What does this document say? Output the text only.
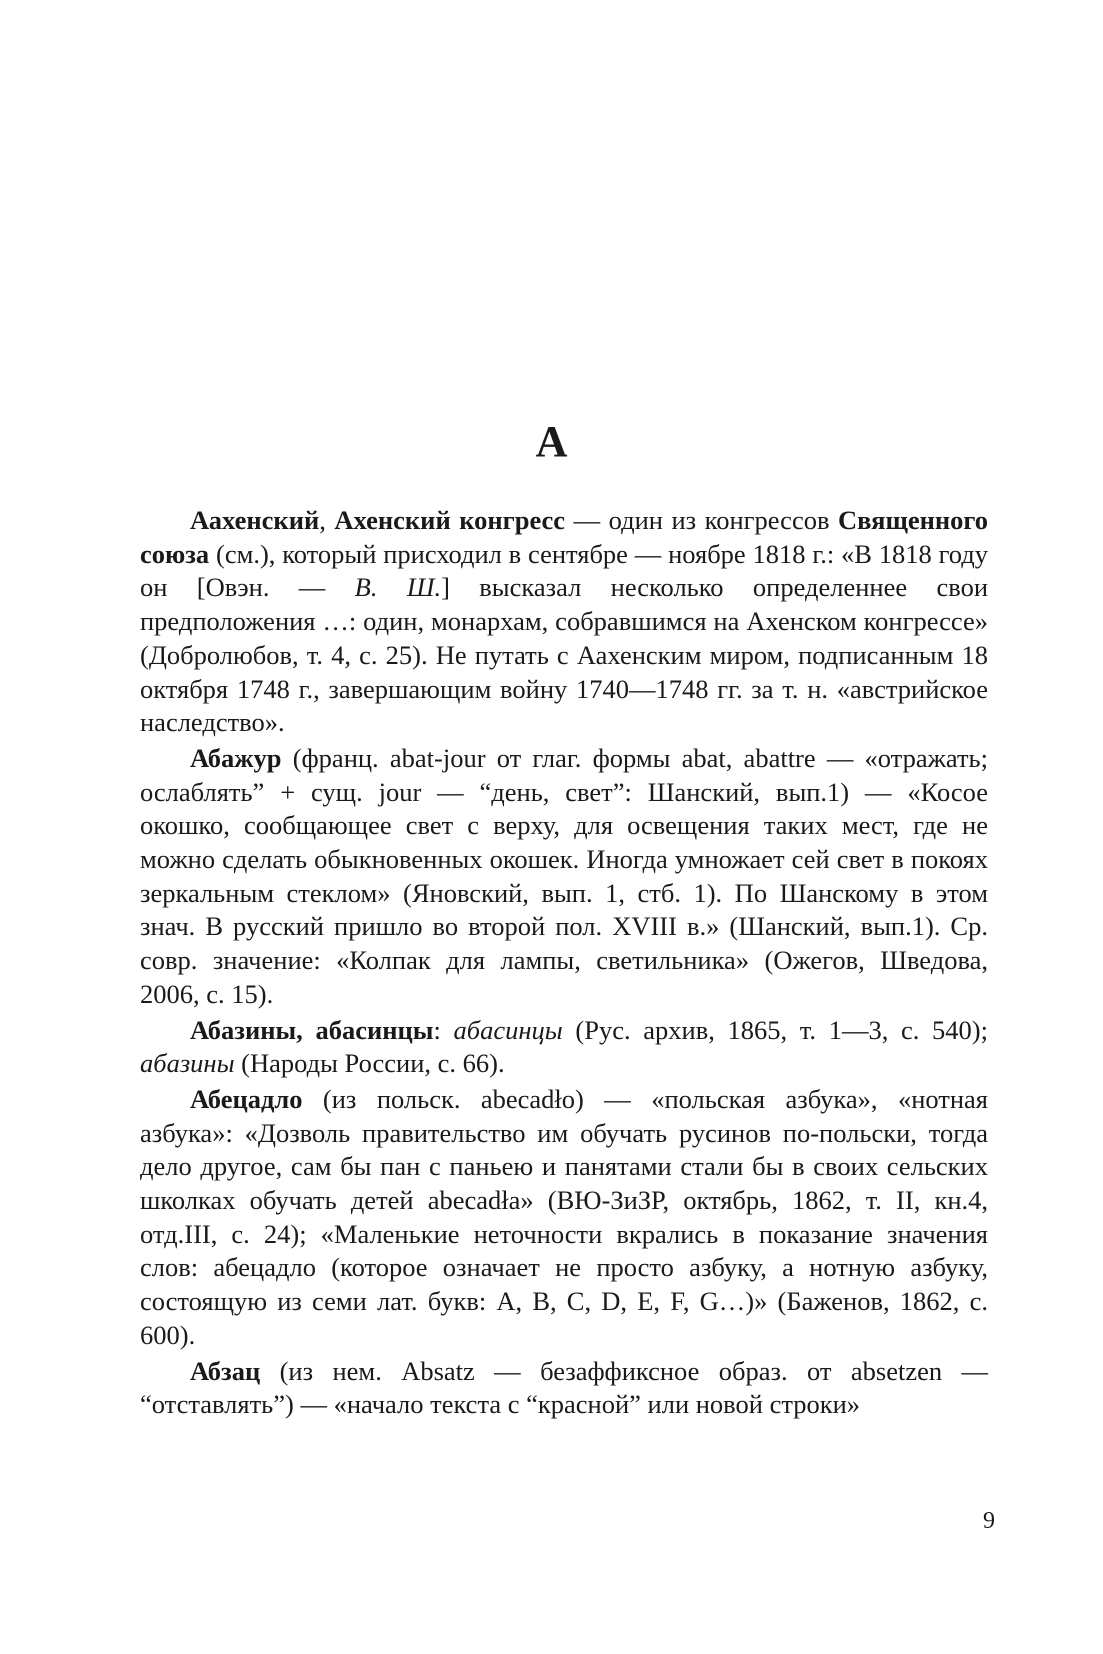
А

Аахенский, Ахенский конгресс — один из конгрессов Священного союза (см.), который присходил в сентябре — ноябре 1818 г.: «В 1818 году он [Овэн. — В. Ш.] высказал несколько определеннее свои предположения …: один, монархам, собравшимся на Ахенском конгрессе» (Добролюбов, т. 4, с. 25). Не путать с Аахенским миром, подписанным 18 октября 1748 г., завершающим войну 1740—1748 гг. за т. н. «австрийское наследство».

Абажур (франц. abat-jour от глаг. формы abat, abattre — «отражать; ослаблять” + сущ. jour — “день, свет”: Шанский, вып.1) — «Косое окошко, сообщающее свет с верху, для освещения таких мест, где не можно сделать обыкновенных окошек. Иногда умножает сей свет в покоях зеркальным стеклом» (Яновский, вып. 1, стб. 1). По Шанскому в этом знач. В русский пришло во второй пол. XVIII в.» (Шанский, вып.1). Ср. совр. значение: «Колпак для лампы, светильника» (Ожегов, Шведова, 2006, с. 15).

Абазины, абасинцы: абасинцы (Рус. архив, 1865, т. 1—3, с. 540); абазины (Народы России, с. 66).

Абецадло (из польск. abecadło) — «польская азбука», «нотная азбука»: «Дозволь правительство им обучать русинов по-польски, тогда дело другое, сам бы пан с паньею и панятами стали бы в своих сельских школках обучать детей abecadła» (ВЮ-ЗиЗР, октябрь, 1862, т. II, кн.4, отд.III, с. 24); «Маленькие неточности вкрались в показание значения слов: абецадло (которое означает не просто азбуку, а нотную азбуку, состоящую из семи лат. букв: A, B, C, D, E, F, G…)» (Баженов, 1862, с. 600).

Абзац (из нем. Absatz — безаффиксное образ. от absetzen — “отставлять”) — «начало текста с “красной” или новой строки»

9
